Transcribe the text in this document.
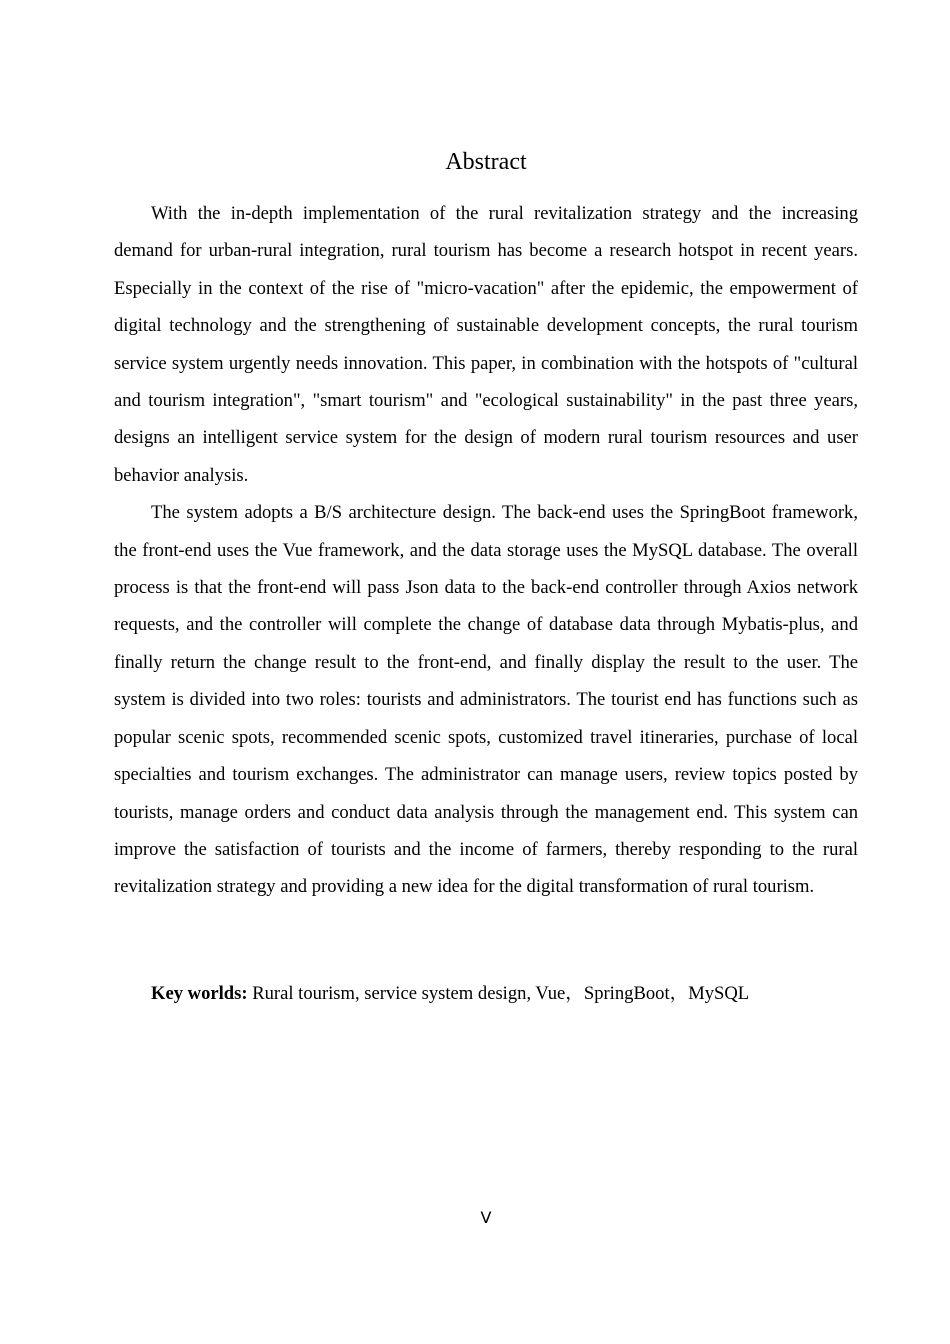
Abstract

With the in-depth implementation of the rural revitalization strategy and the increasing demand for urban-rural integration, rural tourism has become a research hotspot in recent years. Especially in the context of the rise of "micro-vacation" after the epidemic, the empowerment of digital technology and the strengthening of sustainable development concepts, the rural tourism service system urgently needs innovation. This paper, in combination with the hotspots of "cultural and tourism integration", "smart tourism" and "ecological sustainability" in the past three years, designs an intelligent service system for the design of modern rural tourism resources and user behavior analysis.

The system adopts a B/S architecture design. The back-end uses the SpringBoot framework, the front-end uses the Vue framework, and the data storage uses the MySQL database. The overall process is that the front-end will pass Json data to the back-end controller through Axios network requests, and the controller will complete the change of database data through Mybatis-plus, and finally return the change result to the front-end, and finally display the result to the user. The system is divided into two roles: tourists and administrators. The tourist end has functions such as popular scenic spots, recommended scenic spots, customized travel itineraries, purchase of local specialties and tourism exchanges. The administrator can manage users, review topics posted by tourists, manage orders and conduct data analysis through the management end. This system can improve the satisfaction of tourists and the income of farmers, thereby responding to the rural revitalization strategy and providing a new idea for the digital transformation of rural tourism.

Key worlds: Rural tourism, service system design, Vue，SpringBoot，MySQL

V
